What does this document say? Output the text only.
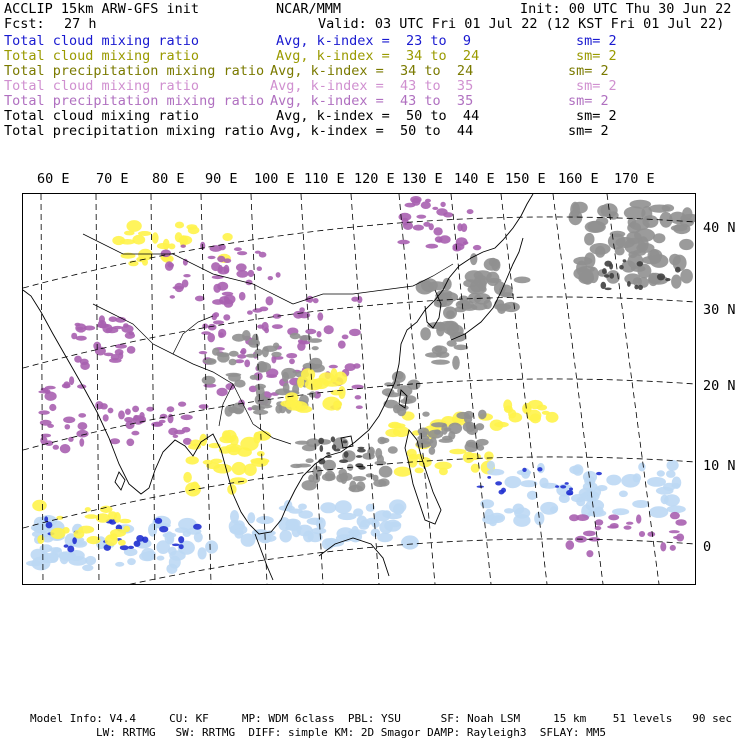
ACCLIP 15km ARW-GFS init	NCAR/MMM	Init: 00 UTC Thu 30 Jun 22
Fcst: 27 h	Valid: 03 UTC Fri 01 Jul 22 (12 KST Fri 01 Jul 22)
Total cloud mixing ratio	Avg, k-index =  23 to  9	sm= 2
Total cloud mixing ratio	Avg, k-index =  34 to  24	sm= 2
Total precipitation mixing ratio Avg, k-index =  34 to  24	sm= 2
Total cloud mixing ratio	Avg, k-index =  43 to  35	sm= 2
Total precipitation mixing ratio Avg, k-index =  43 to  35	sm= 2
Total cloud mixing ratio	Avg, k-index =  50 to  44	sm= 2
Total precipitation mixing ratio Avg, k-index =  50 to  44	sm= 2
60 E 70 E 80 E 90 E 100 E 110 E 120 E 130 E 140 E 150 E 160 E 170 E
40 N
30 N
20 N
10 N
0
Model Info: V4.4     CU: KF     MP: WDM 6class  PBL: YSU      SF: Noah LSM     15 km    51 levels   90 sec
LW: RRTMG   SW: RRTMG  DIFF: simple KM: 2D Smagor DAMP: Rayleigh3  SFLAY: MM5
